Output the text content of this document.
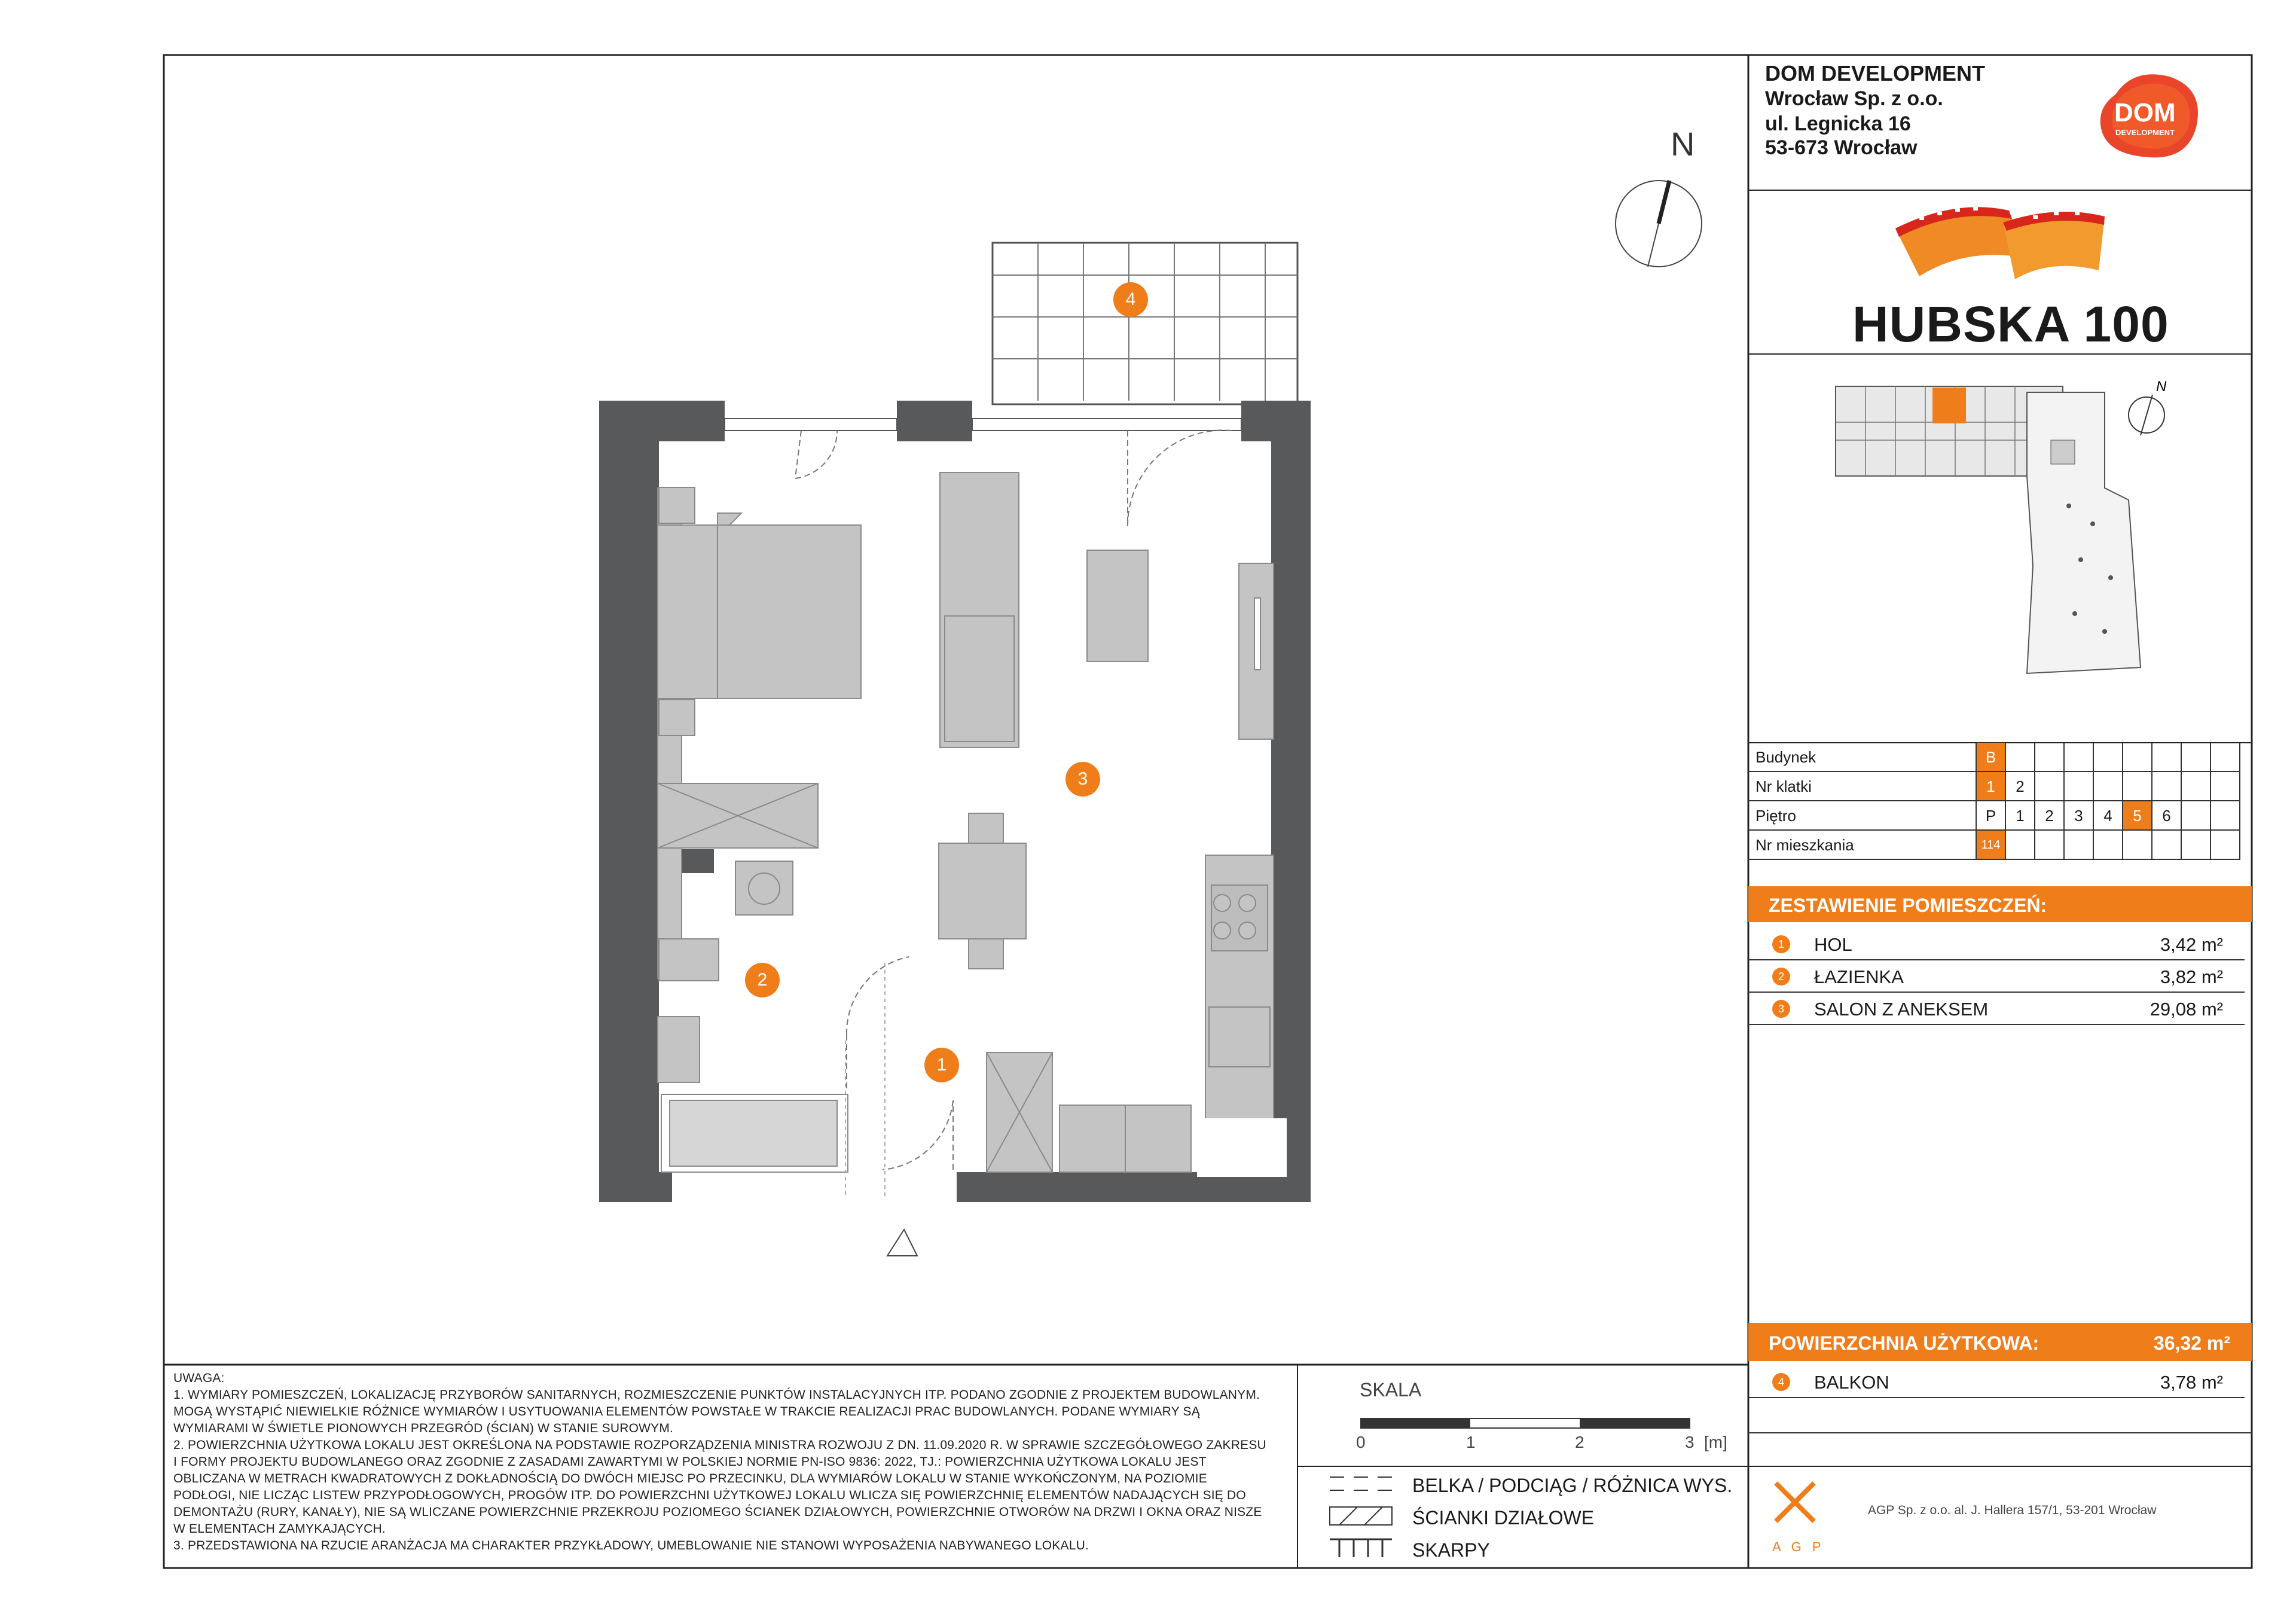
DOM DEVELOPMENT
Wrocław Sp. z o.o.
ul. Legnicka 16
53-673 Wrocław
DOM
DEVELOPMENT
HUBSKA 100
N
Budynek	B
Nr klatki	1	2
Piętro	P	1	2	3	4	5	6
Nr mieszkania	114
ZESTAWIENIE POMIESZCZEŃ:
1	HOL	3,42 m²
2	ŁAZIENKA	3,82 m²
3	SALON Z ANEKSEM	29,08 m²
POWIERZCHNIA UŻYTKOWA:	36,32 m²
4	BALKON	3,78 m²
A G P
AGP Sp. z o.o. al. J. Hallera 157/1, 53-201 Wrocław
UWAGA:
1. WYMIARY POMIESZCZEŃ, LOKALIZACJĘ PRZYBORÓW SANITARNYCH, ROZMIESZCZENIE PUNKTÓW INSTALACYJNYCH ITP. PODANO ZGODNIE Z PROJEKTEM BUDOWLANYM.
MOGĄ WYSTĄPIĆ NIEWIELKIE RÓŻNICE WYMIARÓW I USYTUOWANIA ELEMENTÓW POWSTAŁE W TRAKCIE REALIZACJI PRAC BUDOWLANYCH. PODANE WYMIARY SĄ
WYMIARAMI W ŚWIETLE PIONOWYCH PRZEGRÓD (ŚCIAN) W STANIE SUROWYM.
2. POWIERZCHNIA UŻYTKOWA LOKALU JEST OKREŚLONA NA PODSTAWIE ROZPORZĄDZENIA MINISTRA ROZWOJU Z DN. 11.09.2020 R. W SPRAWIE SZCZEGÓŁOWEGO ZAKRESU
I FORMY PROJEKTU BUDOWLANEGO ORAZ ZGODNIE Z ZASADAMI ZAWARTYMI W POLSKIEJ NORMIE PN-ISO 9836: 2022, TJ.: POWIERZCHNIA UŻYTKOWA LOKALU JEST
OBLICZANA W METRACH KWADRATOWYCH Z DOKŁADNOŚCIĄ DO DWÓCH MIEJSC PO PRZECINKU, DLA WYMIARÓW LOKALU W STANIE WYKOŃCZONYM, NA POZIOMIE
PODŁOGI, NIE LICZĄC LISTEW PRZYPODŁOGOWYCH, PROGÓW ITP. DO POWIERZCHNI UŻYTKOWEJ LOKALU WLICZA SIĘ POWIERZCHNIĘ ELEMENTÓW NADAJĄCYCH SIĘ DO
DEMONTAŻU (RURY, KANAŁY), NIE SĄ WLICZANE POWIERZCHNIE PRZEKROJU POZIOMEGO ŚCIANEK DZIAŁOWYCH, POWIERZCHNIE OTWORÓW NA DRZWI I OKNA ORAZ NISZE
W ELEMENTACH ZAMYKAJĄCYCH.
3. PRZEDSTAWIONA NA RZUCIE ARANŻACJA MA CHARAKTER PRZYKŁADOWY, UMEBLOWANIE NIE STANOWI WYPOSAŻENIA NABYWANEGO LOKALU.
SKALA
0	1	2	3 [m]
BELKA / PODCIĄG / RÓŻNICA WYS.
ŚCIANKI DZIAŁOWE
SKARPY
N
1
2
3
4
